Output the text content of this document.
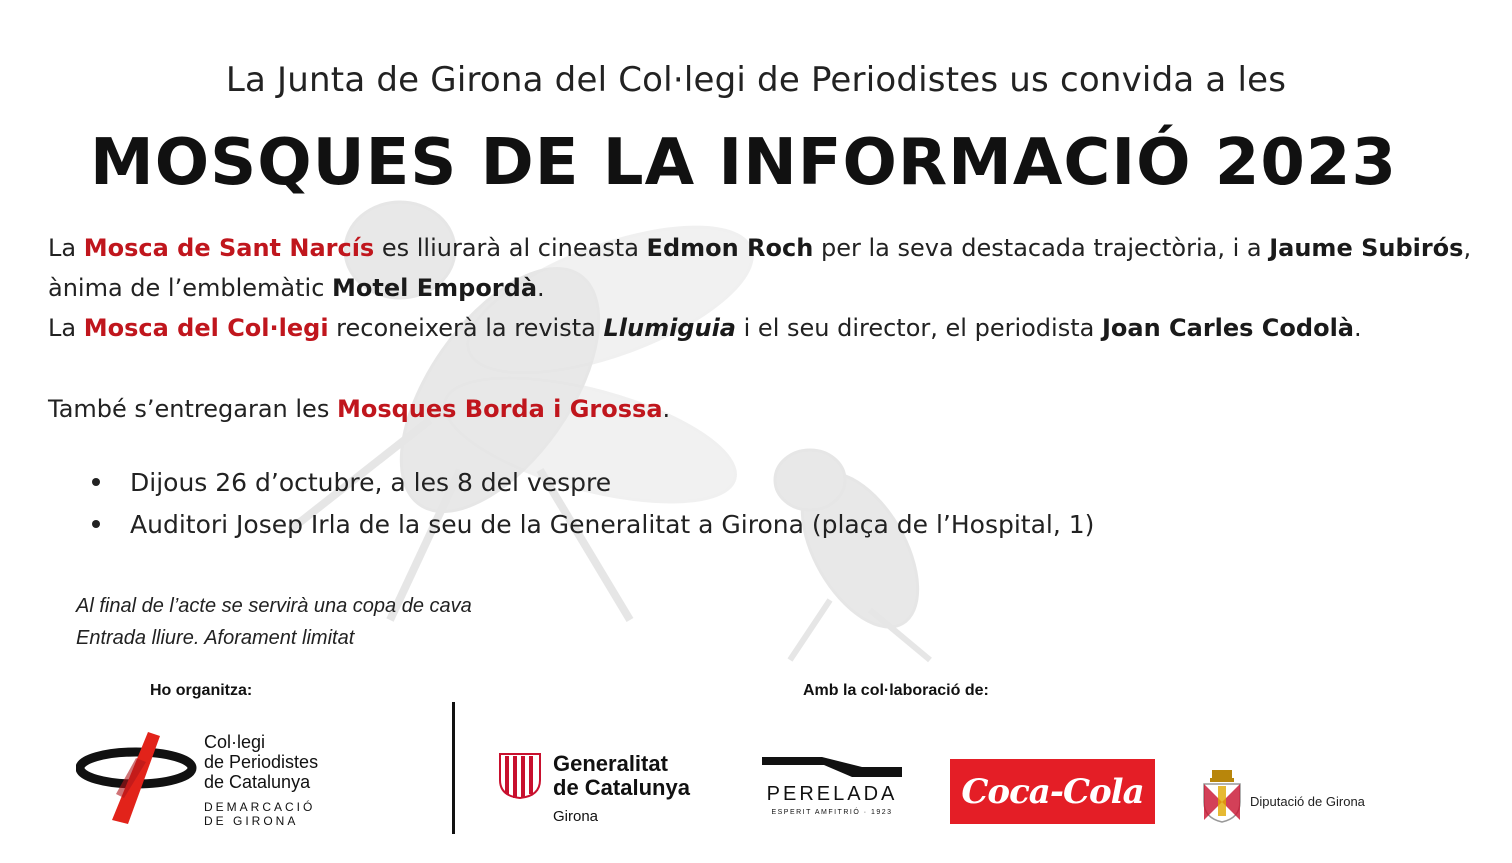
La Junta de Girona del Col·legi de Periodistes us convida a les
MOSQUES DE LA INFORMACIÓ 2023
La Mosca de Sant Narcís es lliurarà al cineasta Edmon Roch per la seva destacada trajectòria, i a Jaume Subirós, ànima de l’emblemàtic Motel Empordà.
La Mosca del Col·legi reconeixerà la revista Llumiguia i el seu director, el periodista Joan Carles Codolà.
També s’entregaran les Mosques Borda i Grossa.
Dijous 26 d’octubre, a les 8 del vespre
Auditori Josep Irla de la seu de la Generalitat a Girona (plaça de l’Hospital, 1)
Al final de l’acte se servirà una copa de cava
Entrada lliure. Aforament limitat
Ho organitza:	Amb la col·laboració de:
Col·legi
de Periodistes
de Catalunya
DEMARCACIÓ
DE GIRONA
Generalitat
de Catalunya
Girona
PERELADA
ESPERIT AMFITRIÓ · 1923
Coca-Cola	Diputació de Girona
